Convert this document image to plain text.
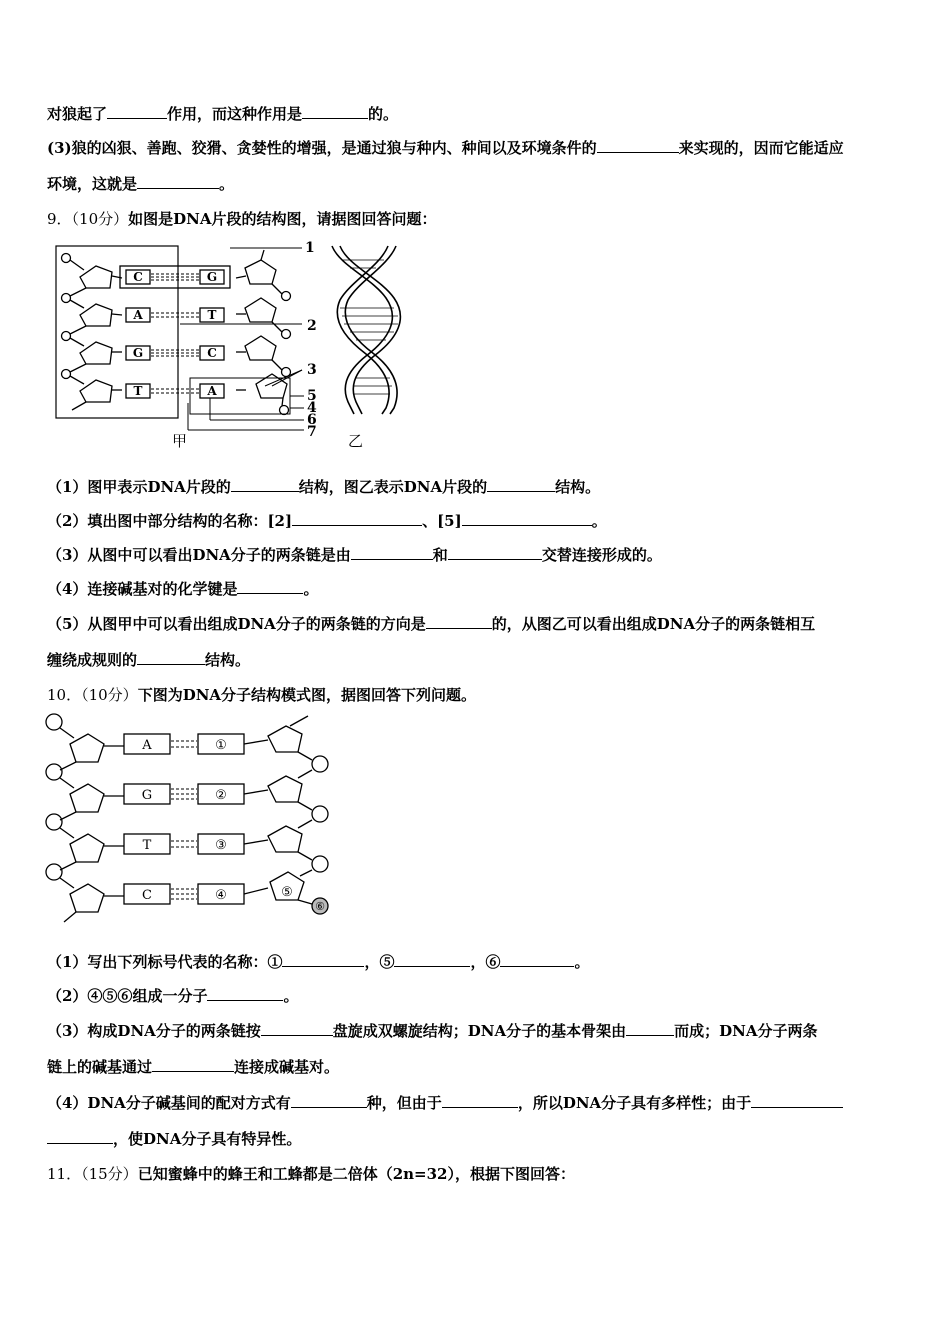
对狼起了	作用，而这种作用是	的。
(3)狼的凶狠、善跑、狡猾、贪婪性的增强，是通过狼与种内、种间以及环境条件的	来实现的，因而它能适应
环境，这就是	。
9．（10分）如图是DNA片段的结构图，请据图回答问题：
C
A
G
T
G
T
C
A
1
2
3
5
4
6
7
甲	乙
（1）图甲表示DNA片段的	结构，图乙表示DNA片段的	结构。
（2）填出图中部分结构的名称：[2]	、[5]	。
（3）从图中可以看出DNA分子的两条链是由	和	交替连接形成的。
（4）连接碱基对的化学键是	。
（5）从图甲中可以看出组成DNA分子的两条链的方向是	的，从图乙可以看出组成DNA分子的两条链相互
缠绕成规则的	结构。
10．（10分）下图为DNA分子结构模式图，据图回答下列问题。
A
G
T
C
①
②
③
④	⑤
⑥
（1）写出下列标号代表的名称：①	，⑤	，⑥	。
（2）④⑤⑥组成一分子	。
（3）构成DNA分子的两条链按	盘旋成双螺旋结构；DNA分子的基本骨架由	而成；DNA分子两条
链上的碱基通过	连接成碱基对。
（4）DNA分子碱基间的配对方式有	种，但由于	，所以DNA分子具有多样性；由于
，使DNA分子具有特异性。
11．（15分）已知蜜蜂中的蜂王和工蜂都是二倍体（2n=32），根据下图回答：
